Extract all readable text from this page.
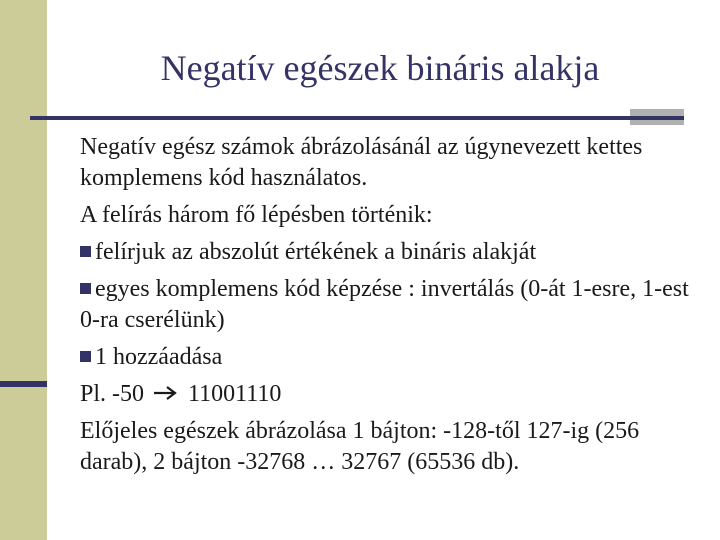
Negatív egészek bináris alakja
Negatív egész számok ábrázolásánál az úgynevezett kettes komplemens kód használatos.
A felírás három fő lépésben történik:
felírjuk az abszolút értékének a bináris alakját
egyes komplemens kód képzése : invertálás (0-át 1-esre, 1-est 0-ra cserélünk)
1 hozzáadása
Pl. -50 11001110
Előjeles egészek ábrázolása 1 bájton: -128-től 127-ig (256 darab), 2 bájton -32768 … 32767 (65536 db).
